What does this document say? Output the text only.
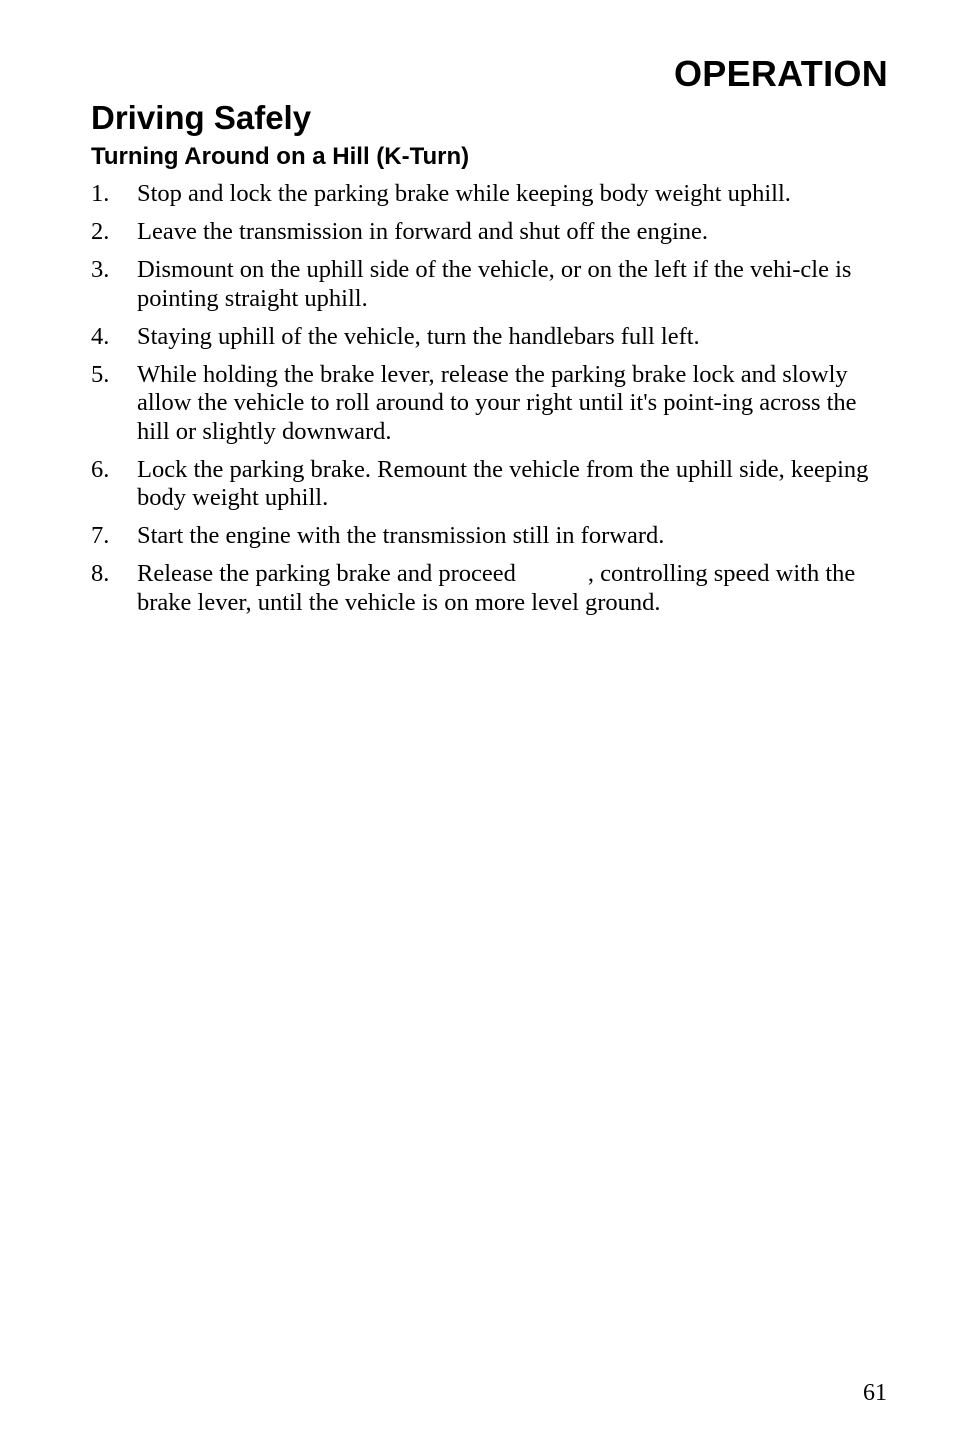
OPERATION
Driving Safely
Turning Around on a Hill (K-Turn)
1. Stop and lock the parking brake while keeping body weight uphill.
2. Leave the transmission in forward and shut off the engine.
3. Dismount on the uphill side of the vehicle, or on the left if the vehi-cle is pointing straight uphill.
4. Staying uphill of the vehicle, turn the handlebars full left.
5. While holding the brake lever, release the parking brake lock and slowly allow the vehicle to roll around to your right until it's point-ing across the hill or slightly downward.
6. Lock the parking brake. Remount the vehicle from the uphill side, keeping body weight uphill.
7. Start the engine with the transmission still in forward.
8. Release the parking brake and proceed	, controlling speed with the brake lever, until the vehicle is on more level ground.

61
